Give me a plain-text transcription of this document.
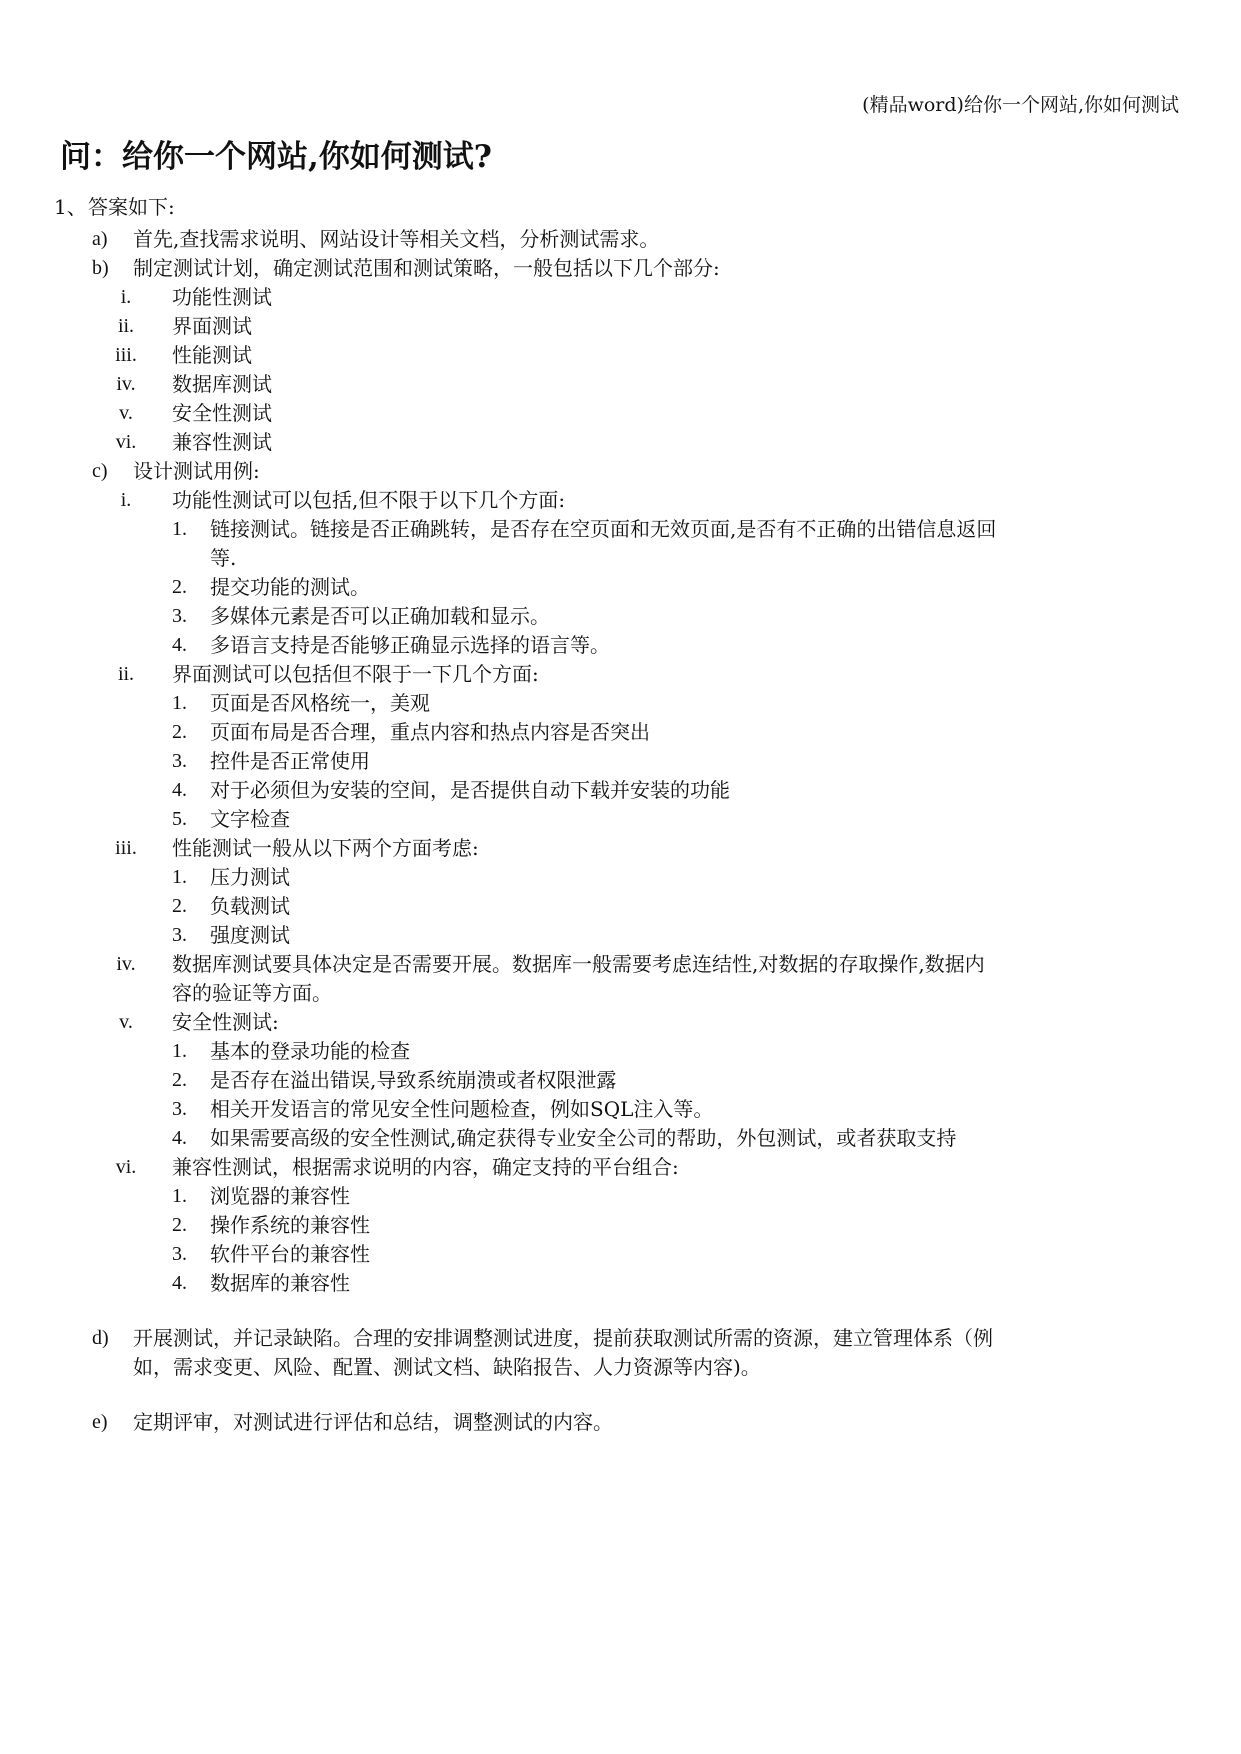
(精品word)给你一个网站,你如何测试
问：给你一个网站,你如何测试?
1、 答案如下:
a) 首先,查找需求说明、网站设计等相关文档，分析测试需求。
b) 制定测试计划，确定测试范围和测试策略，一般包括以下几个部分:
i.	功能性测试
ii.	界面测试
iii.	性能测试
iv.	数据库测试
v.	安全性测试
vi.	兼容性测试
c) 设计测试用例:
i.	功能性测试可以包括,但不限于以下几个方面:
1. 链接测试。链接是否正确跳转，是否存在空页面和无效页面,是否有不正确的出错信息返回
等.
2. 提交功能的测试。
3. 多媒体元素是否可以正确加载和显示。
4. 多语言支持是否能够正确显示选择的语言等。
ii.	界面测试可以包括但不限于一下几个方面:
1. 页面是否风格统一，美观
2. 页面布局是否合理，重点内容和热点内容是否突出
3. 控件是否正常使用
4. 对于必须但为安装的空间，是否提供自动下载并安装的功能
5. 文字检查
iii.	性能测试一般从以下两个方面考虑:
1. 压力测试
2. 负载测试
3. 强度测试
iv.	数据库测试要具体决定是否需要开展。数据库一般需要考虑连结性,对数据的存取操作,数据内
容的验证等方面。
v.	安全性测试:
1. 基本的登录功能的检查
2. 是否存在溢出错误,导致系统崩溃或者权限泄露
3. 相关开发语言的常见安全性问题检查，例如SQL注入等。
4. 如果需要高级的安全性测试,确定获得专业安全公司的帮助，外包测试，或者获取支持
vi.	兼容性测试，根据需求说明的内容，确定支持的平台组合:
1. 浏览器的兼容性
2. 操作系统的兼容性
3. 软件平台的兼容性
4. 数据库的兼容性
d) 开展测试，并记录缺陷。合理的安排调整测试进度，提前获取测试所需的资源，建立管理体系（例
如，需求变更、风险、配置、测试文档、缺陷报告、人力资源等内容)。
e) 定期评审，对测试进行评估和总结，调整测试的内容。
